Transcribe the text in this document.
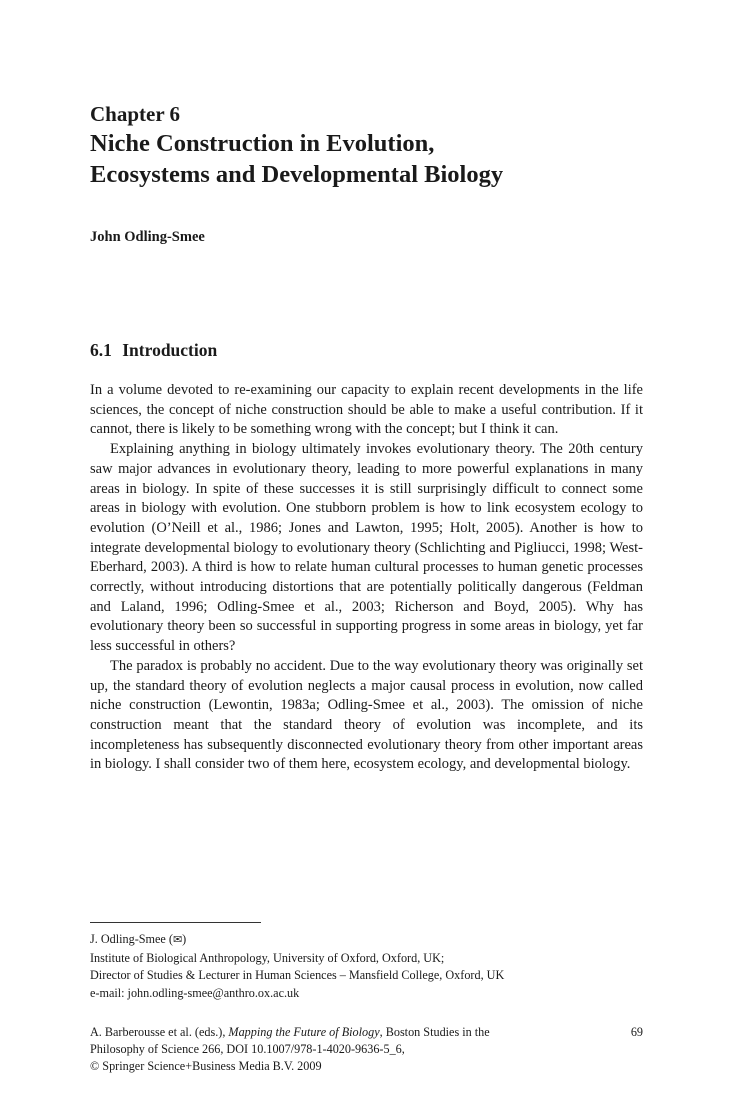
Chapter 6
Niche Construction in Evolution,
Ecosystems and Developmental Biology
John Odling-Smee
6.1 Introduction

In a volume devoted to re-examining our capacity to explain recent developments in the life sciences, the concept of niche construction should be able to make a useful contribution. If it cannot, there is likely to be something wrong with the concept; but I think it can.

Explaining anything in biology ultimately invokes evolutionary theory. The 20th century saw major advances in evolutionary theory, leading to more powerful explanations in many areas in biology. In spite of these successes it is still surprisingly difficult to connect some areas in biology with evolution. One stubborn problem is how to link ecosystem ecology to evolution (O’Neill et al., 1986; Jones and Lawton, 1995; Holt, 2005). Another is how to integrate developmental biology to evolutionary theory (Schlichting and Pigliucci, 1998; West-Eberhard, 2003). A third is how to relate human cultural processes to human genetic processes correctly, without introducing distortions that are potentially politically dangerous (Feldman and Laland, 1996; Odling-Smee et al., 2003; Richerson and Boyd, 2005). Why has evolutionary theory been so successful in supporting progress in some areas in biology, yet far less successful in others?

The paradox is probably no accident. Due to the way evolutionary theory was originally set up, the standard theory of evolution neglects a major causal process in evolution, now called niche construction (Lewontin, 1983a; Odling-Smee et al., 2003). The omission of niche construction meant that the standard theory of evolution was incomplete, and its incompleteness has subsequently disconnected evolutionary theory from other important areas in biology. I shall consider two of them here, ecosystem ecology, and developmental biology.

J. Odling-Smee (✉)
Institute of Biological Anthropology, University of Oxford, Oxford, UK;
Director of Studies & Lecturer in Human Sciences – Mansfield College, Oxford, UK
e-mail: john.odling-smee@anthro.ox.ac.uk
A. Barberousse et al. (eds.), Mapping the Future of Biology, Boston Studies in the
Philosophy of Science 266, DOI 10.1007/978-1-4020-9636-5_6,
© Springer Science+Business Media B.V. 2009
69
